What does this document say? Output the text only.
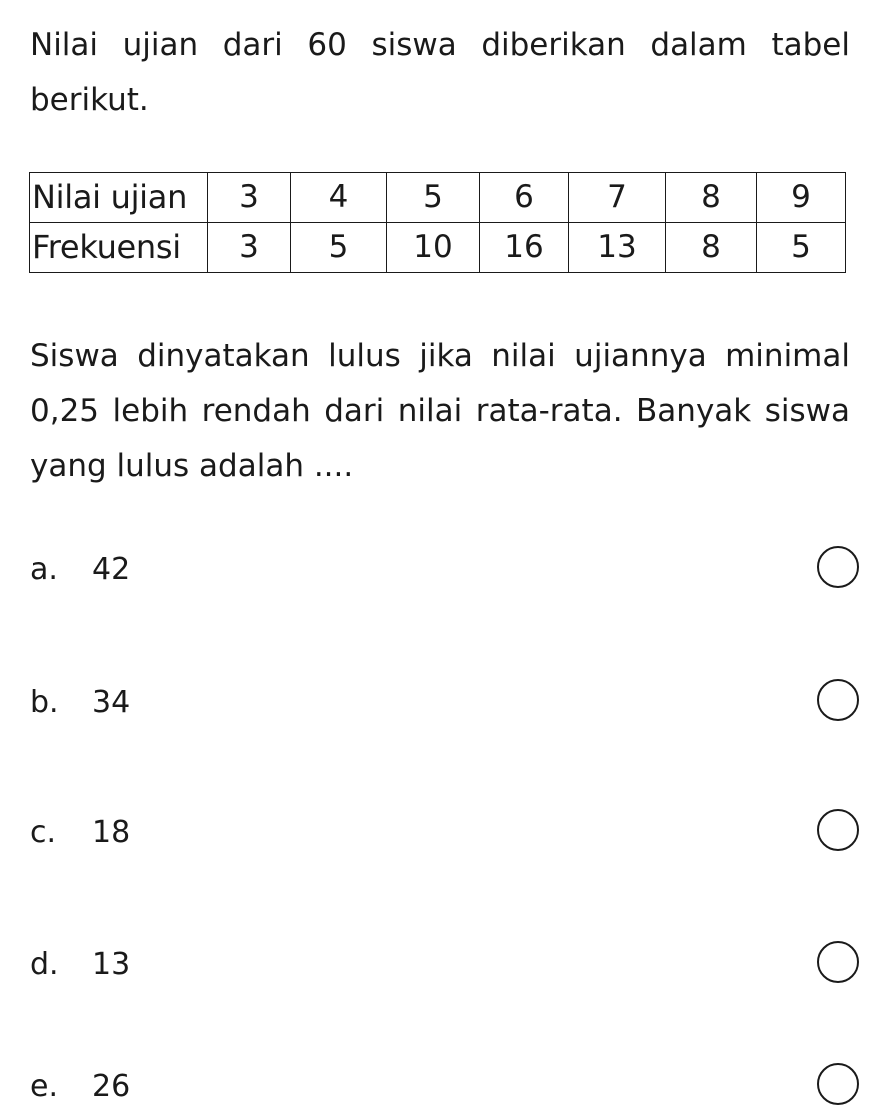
Nilai ujian dari 60 siswa diberikan dalam tabel berikut.

Nilai ujian	3	4	5	6	7	8	9
Frekuensi	3	5	10	16	13	8	5

Siswa dinyatakan lulus jika nilai ujiannya minimal 0,25 lebih rendah dari nilai rata-rata. Banyak siswa yang lulus adalah ....

a. 42
b. 34
c. 18
d. 13
e. 26
